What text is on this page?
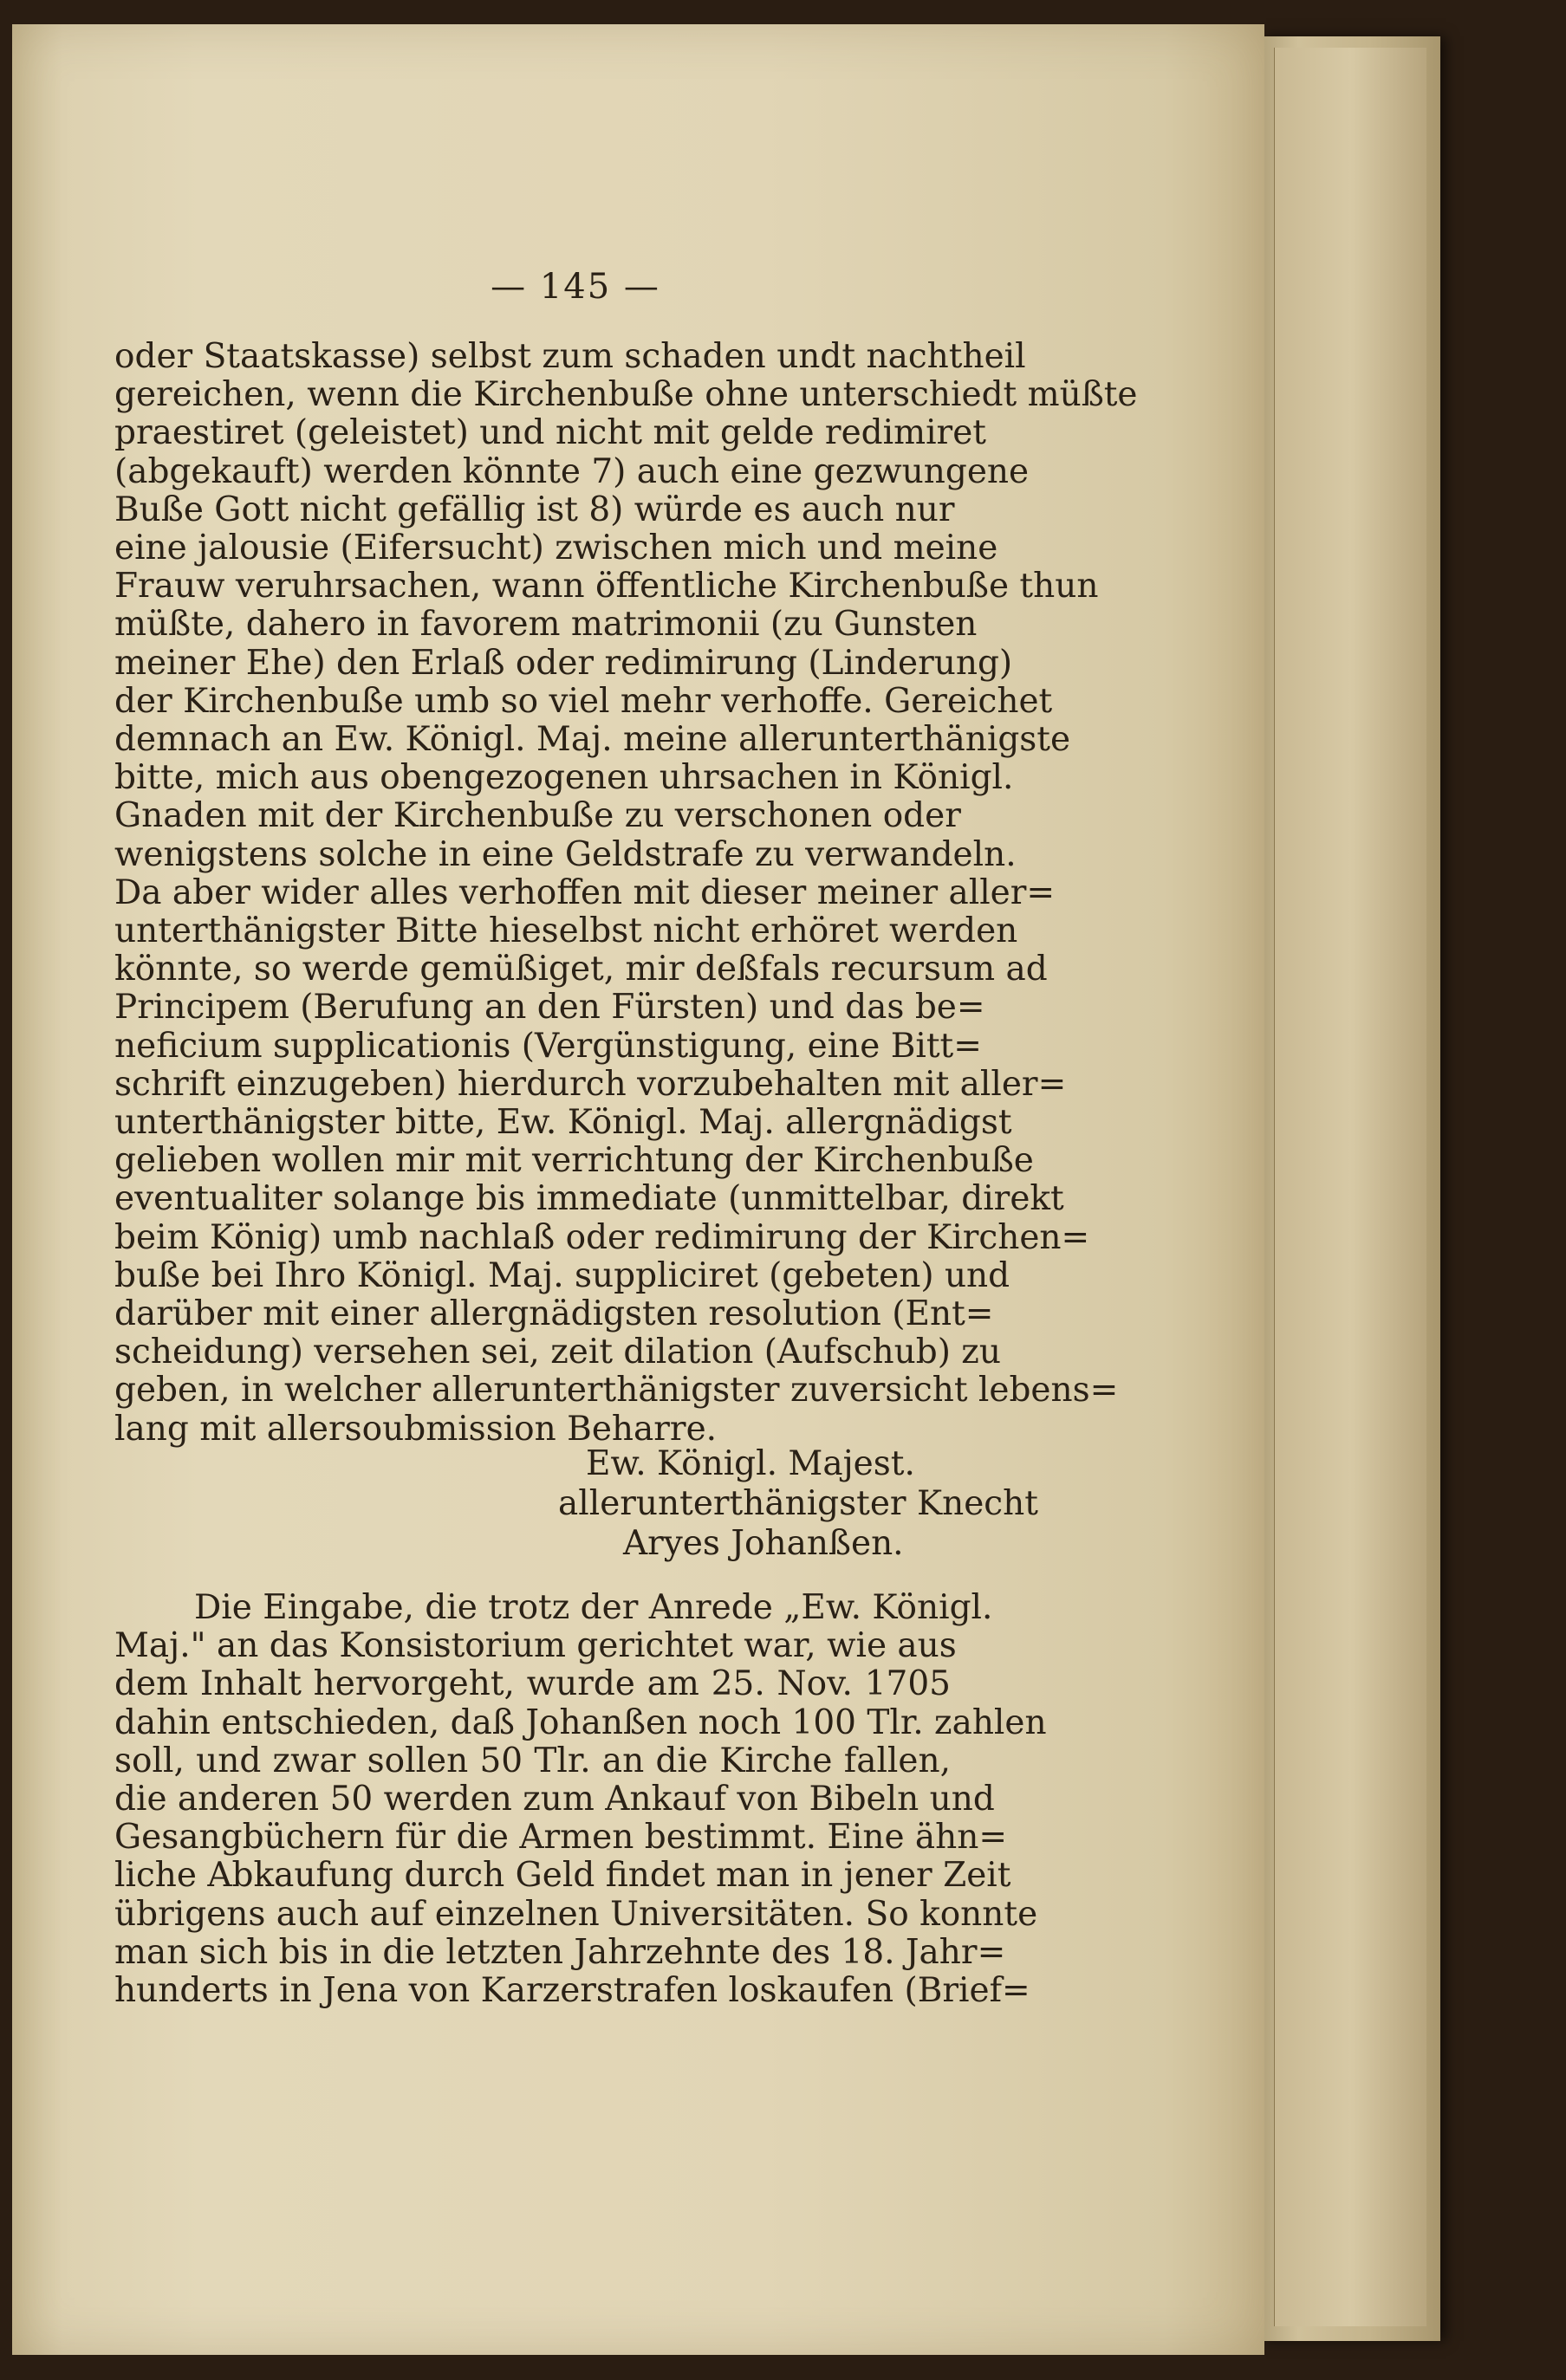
— 145 —
oder Staatskasse) selbst zum schaden undt nachtheil
gereichen, wenn die Kirchenbuße ohne unterschiedt müßte
praestiret (geleistet) und nicht mit gelde redimiret
(abgekauft) werden könnte 7) auch eine gezwungene
Buße Gott nicht gefällig ist 8) würde es auch nur
eine jalousie (Eifersucht) zwischen mich und meine
Frauw veruhrsachen, wann öffentliche Kirchenbuße thun
müßte, dahero in favorem matrimonii (zu Gunsten
meiner Ehe) den Erlaß oder redimirung (Linderung)
der Kirchenbuße umb so viel mehr verhoffe. Gereichet
demnach an Ew. Königl. Maj. meine allerunterthänigste
bitte, mich aus obengezogenen uhrsachen in Königl.
Gnaden mit der Kirchenbuße zu verschonen oder
wenigstens solche in eine Geldstrafe zu verwandeln.
Da aber wider alles verhoffen mit dieser meiner aller=
unterthänigster Bitte hieselbst nicht erhöret werden
könnte, so werde gemüßiget, mir deßfals recursum ad
Principem (Berufung an den Fürsten) und das be=
neficium supplicationis (Vergünstigung, eine Bitt=
schrift einzugeben) hierdurch vorzubehalten mit aller=
unterthänigster bitte, Ew. Königl. Maj. allergnädigst
gelieben wollen mir mit verrichtung der Kirchenbuße
eventualiter solange bis immediate (unmittelbar, direkt
beim König) umb nachlaß oder redimirung der Kirchen=
buße bei Ihro Königl. Maj. suppliciret (gebeten) und
darüber mit einer allergnädigsten resolution (Ent=
scheidung) versehen sei, zeit dilation (Aufschub) zu
geben, in welcher allerunterthänigster zuversicht lebens=
lang mit allersoubmission Beharre.
Ew. Königl. Majest.
allerunterthänigster Knecht
Aryes Johanßen.
Die Eingabe, die trotz der Anrede „Ew. Königl.
Maj." an das Konsistorium gerichtet war, wie aus
dem Inhalt hervorgeht, wurde am 25. Nov. 1705
dahin entschieden, daß Johanßen noch 100 Tlr. zahlen
soll, und zwar sollen 50 Tlr. an die Kirche fallen,
die anderen 50 werden zum Ankauf von Bibeln und
Gesangbüchern für die Armen bestimmt. Eine ähn=
liche Abkaufung durch Geld findet man in jener Zeit
übrigens auch auf einzelnen Universitäten. So konnte
man sich bis in die letzten Jahrzehnte des 18. Jahr=
hunderts in Jena von Karzerstrafen loskaufen (Brief=
